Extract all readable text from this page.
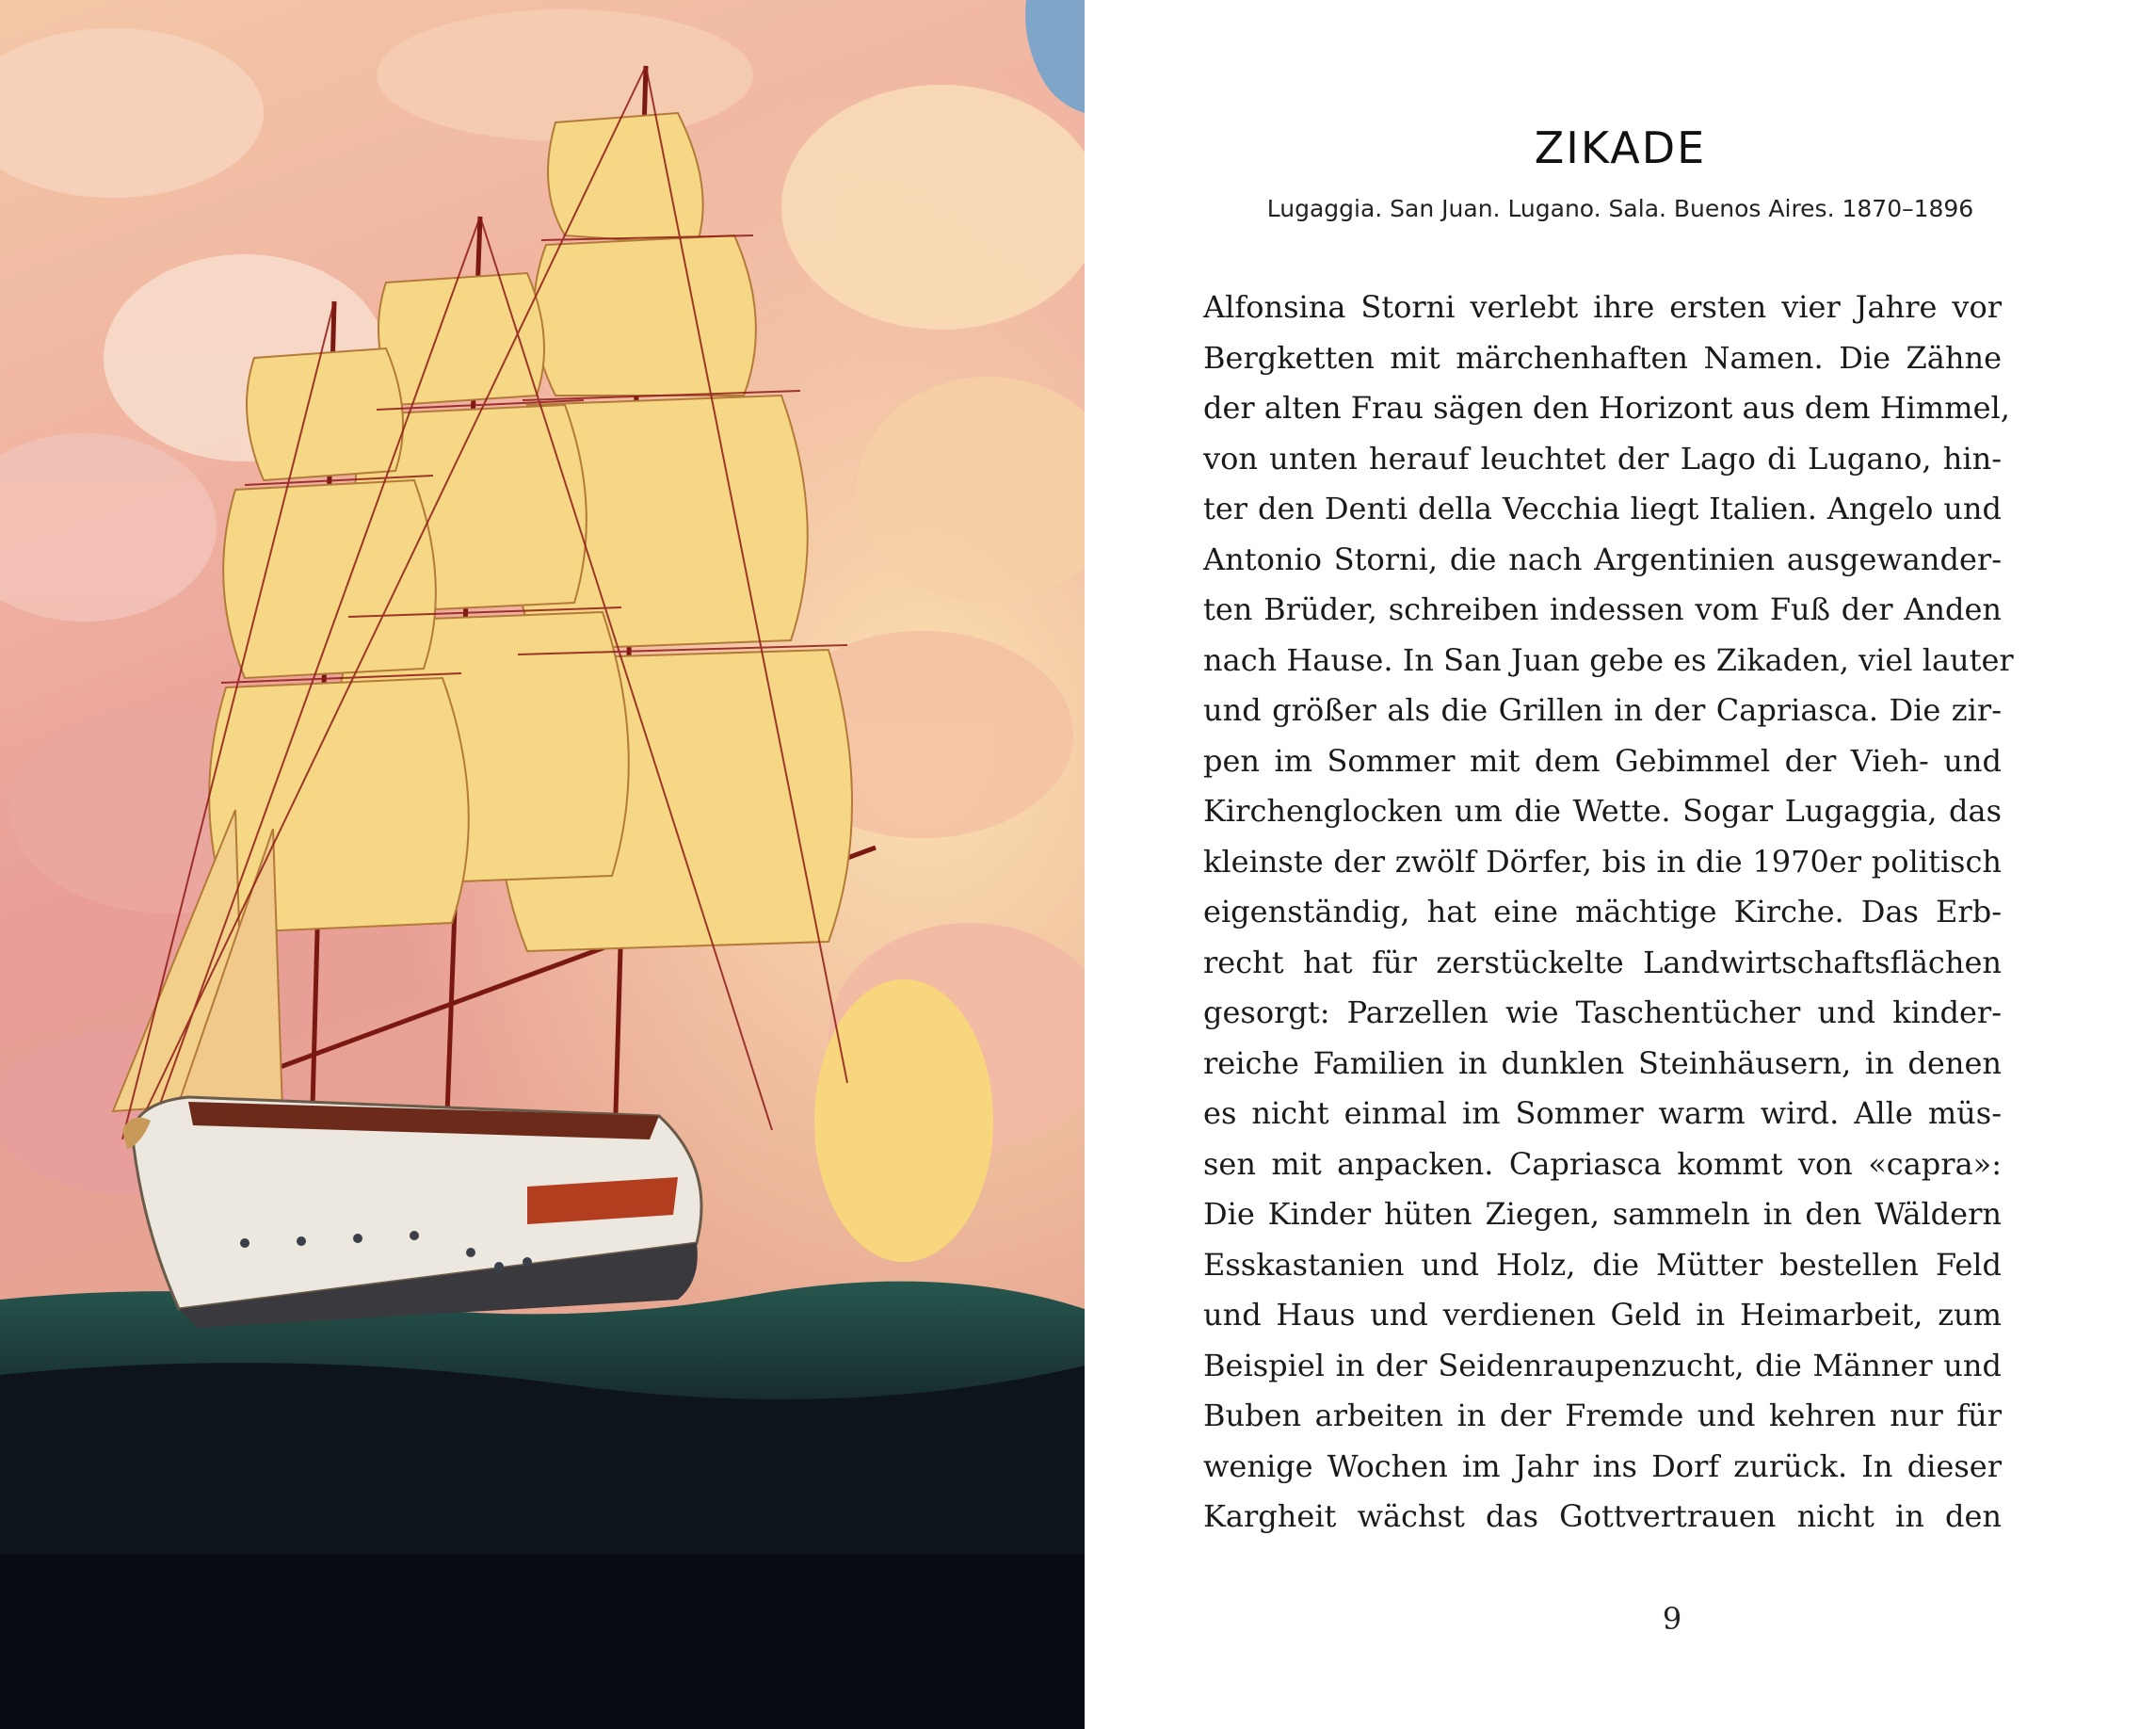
ZIKADE

Lugaggia. San Juan. Lugano. Sala. Buenos Aires. 1870–1896

Alfonsina Storni verlebt ihre ersten vier Jahre vor
Bergketten mit märchenhaften Namen. Die Zähne
der alten Frau sägen den Horizont aus dem Himmel,
von unten herauf leuchtet der Lago di Lugano, hin-
ter den Denti della Vecchia liegt Italien. Angelo und
Antonio Storni, die nach Argentinien ausgewander-
ten Brüder, schreiben indessen vom Fuß der Anden
nach Hause. In San Juan gebe es Zikaden, viel lauter
und größer als die Grillen in der Capriasca. Die zir-
pen im Sommer mit dem Gebimmel der Vieh- und
Kirchenglocken um die Wette. Sogar Lugaggia, das
kleinste der zwölf Dörfer, bis in die 1970er politisch
eigenständig, hat eine mächtige Kirche. Das Erb-
recht hat für zerstückelte Landwirtschaftsflächen
gesorgt: Parzellen wie Taschentücher und kinder-
reiche Familien in dunklen Steinhäusern, in denen
es nicht einmal im Sommer warm wird. Alle müs-
sen mit anpacken. Capriasca kommt von «capra»:
Die Kinder hüten Ziegen, sammeln in den Wäldern
Esskastanien und Holz, die Mütter bestellen Feld
und Haus und verdienen Geld in Heimarbeit, zum
Beispiel in der Seidenraupenzucht, die Männer und
Buben arbeiten in der Fremde und kehren nur für
wenige Wochen im Jahr ins Dorf zurück. In dieser
Kargheit wächst das Gottvertrauen nicht in den

9
